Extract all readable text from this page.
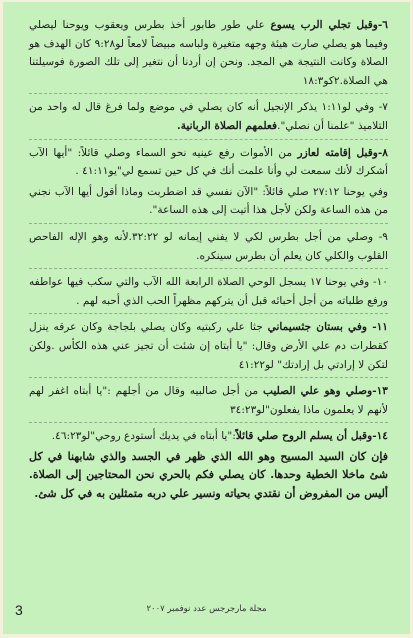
٦-وقبل تجلي الرب يسوع علي طور طابور أخذ بطرس ويعقوب ويوحنا ليصلي وفيما هو يصلي صارت هيئة وجهه متغيرة ولباسه مبيضاً لامعاً لو٩:٢٨ كان الهدف هو الصلاة وكانت النتيجة هي المجد. ونحن إن أردنا أن نتغير إلى تلك الصورة فوسيلتنا هي الصلاة.٢كو١٨:٣

٧- وفي لو١:١١ يذكر الإنجيل أنه كان يصلي في موضع ولما فرغ قال له واحد من التلاميذ "علمنا أن نصلي".فعلمهم الصلاة الربانية.

٨-وقبل إقامته لعازر من الأموات رفع عينيه نحو السماء وصلي قائلاً: "أيها الآب أشكرك لأنك سمعت لي وأنا علمت أنك في كل حين تسمع لي"يو٤١:١١ .

وفي يوحنا ٢٧:١٢ صلي قائلاً: "الآن نفسي قد اضطربت وماذا أقول أيها الآب نجني من هذه الساعة ولكن لأجل هذا أتيت إلى هذه الساعة".

٩- وصلي من أجل بطرس لكي لا يفني إيمانه لو ٣٢:٢٢.لأنه وهو الإله الفاحص القلوب والكلي كان يعلم أن بطرس سينكره.

١٠- وفي يوحنا ١٧ يسجل الوحي الصلاة الرابعة الله الآب والتي سكب فيها عواطفه ورفع طلباته من أجل أحبائه قبل أن يتركهم مظهراً الحب الذي أحبه لهم .

١١- وفي بستان جثسيماني جثا علي ركبتيه وكان يصلي بلجاجة وكان عرقه ينزل كقطرات دم علي الأرض وقال: "يا أبتاه إن شئت أن تجيز عني هذه الكأس .ولكن لتكن لا إرادتي بل إرادتك" لو٤١:٢٢

١٣-وصلي وهو علي الصليب من أجل صالبيه وقال من أجلهم :"يا أبتاه اغفر لهم لأنهم لا يعلمون ماذا يفعلون"لو٣٤:٢٣

١٤-وقبل أن يسلم الروح صلي قائلاً:"يا أبتاه في يديك أستودع روحي"لو٤٦:٢٣.

فإن كان السيد المسيح وهو الله الذي ظهر في الجسد والذي شابهنا في كل شئ ماخلا الخطية وحدها. كان يصلي فكم بالحري نحن المحتاجين إلى الصلاة. أليس من المفروض أن نقتدي بحياته ونسير علي دربه متمثلين به في كل شئ.

مجلة مارجرجس عدد نوفمبر ٢٠٠٧
3
